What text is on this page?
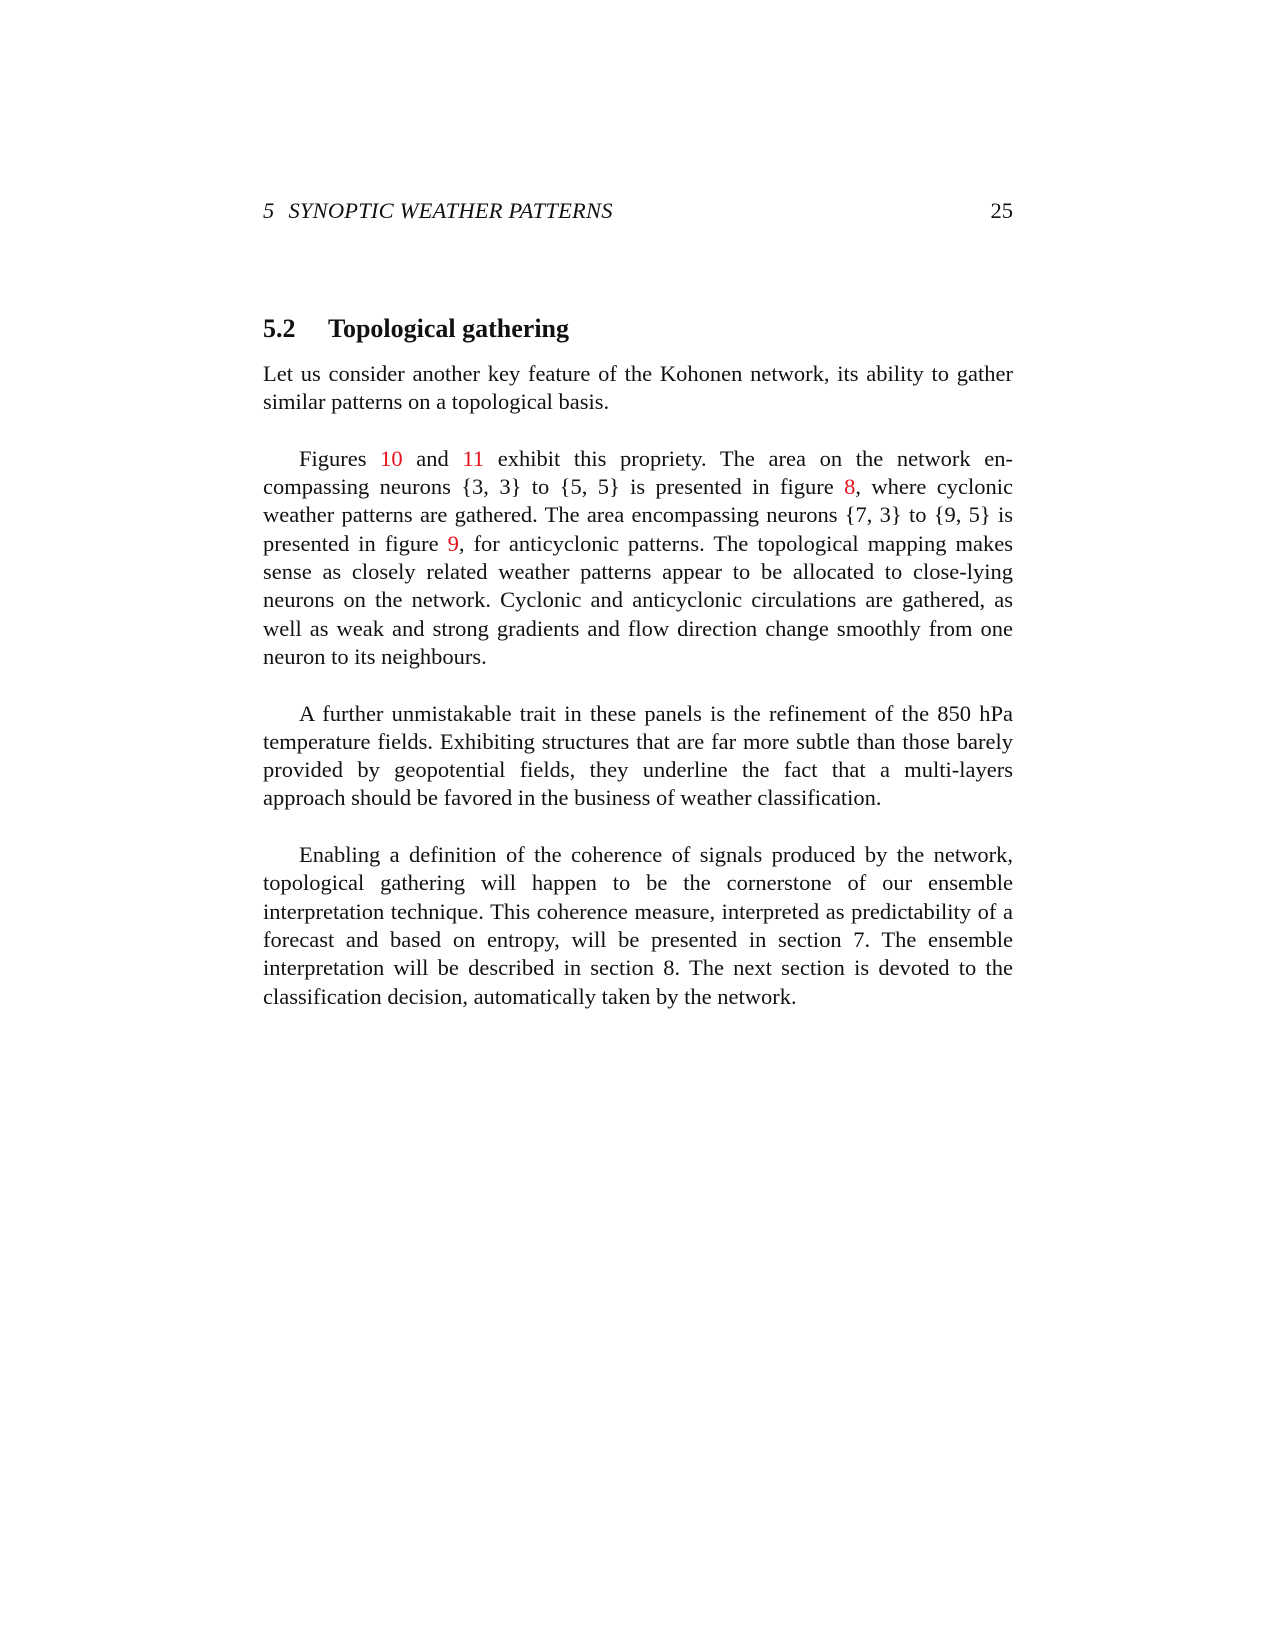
5 SYNOPTIC WEATHER PATTERNS	25
5.2 Topological gathering

Let us consider another key feature of the Kohonen network, its ability to gather similar patterns on a topological basis.

Figures 10 and 11 exhibit this propriety. The area on the network encompassing neurons {3, 3} to {5, 5} is presented in figure 8, where cyclonic weather patterns are gathered. The area encompassing neurons {7, 3} to {9, 5} is presented in figure 9, for anticyclonic patterns. The topological mapping makes sense as closely related weather patterns appear to be allocated to close-lying neurons on the network. Cyclonic and anticyclonic circulations are gathered, as well as weak and strong gradients and flow direction change smoothly from one neuron to its neighbours.

A further unmistakable trait in these panels is the refinement of the 850 hPa temperature fields. Exhibiting structures that are far more subtle than those barely provided by geopotential fields, they underline the fact that a multi-layers approach should be favored in the business of weather classification.

Enabling a definition of the coherence of signals produced by the network, topological gathering will happen to be the cornerstone of our ensemble interpretation technique. This coherence measure, interpreted as predictability of a forecast and based on entropy, will be presented in section 7. The ensemble interpretation will be described in section 8. The next section is devoted to the classification decision, automatically taken by the network.
